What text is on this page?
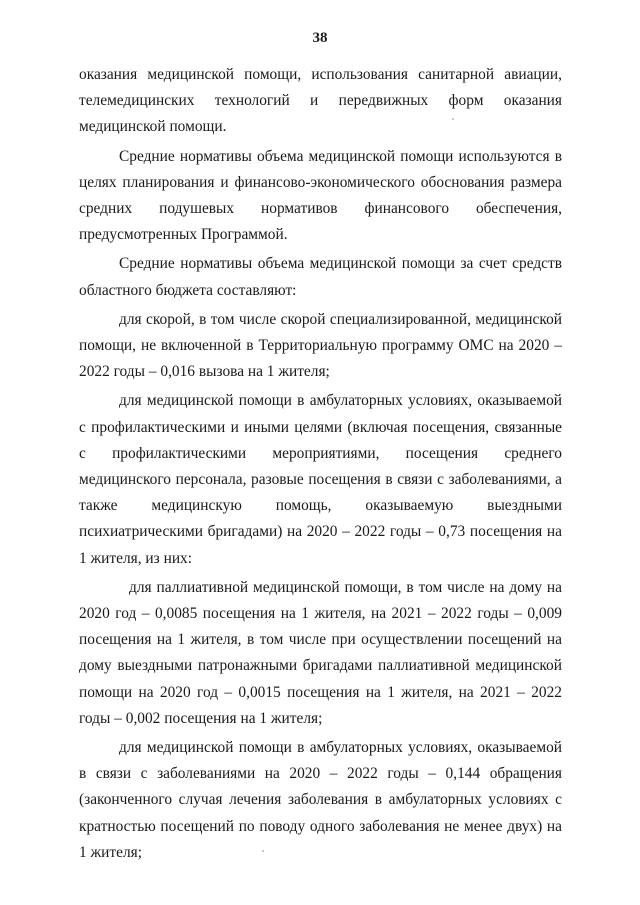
38

оказания медицинской помощи, использования санитарной авиации, телемедицинских технологий и передвижных форм оказания медицинской помощи.

Средние нормативы объема медицинской помощи используются в целях планирования и финансово-экономического обоснования размера средних подушевых нормативов финансового обеспечения, предусмотренных Программой.

Средние нормативы объема медицинской помощи за счет средств областного бюджета составляют:

для скорой, в том числе скорой специализированной, медицинской помощи, не включенной в Территориальную программу ОМС на 2020 – 2022 годы – 0,016 вызова на 1 жителя;

для медицинской помощи в амбулаторных условиях, оказываемой с профилактическими и иными целями (включая посещения, связанные с профилактическими мероприятиями, посещения среднего медицинского персонала, разовые посещения в связи с заболеваниями, а также медицинскую помощь, оказываемую выездными психиатрическими бригадами) на 2020 – 2022 годы – 0,73 посещения на 1 жителя, из них:

для паллиативной медицинской помощи, в том числе на дому на 2020 год – 0,0085 посещения на 1 жителя, на 2021 – 2022 годы – 0,009 посещения на 1 жителя, в том числе при осуществлении посещений на дому выездными патронажными бригадами паллиативной медицинской помощи на 2020 год – 0,0015 посещения на 1 жителя, на 2021 – 2022 годы – 0,002 посещения на 1 жителя;

для медицинской помощи в амбулаторных условиях, оказываемой в связи с заболеваниями на 2020 – 2022 годы – 0,144 обращения (законченного случая лечения заболевания в амбулаторных условиях с кратностью посещений по поводу одного заболевания не менее двух) на 1 жителя;
